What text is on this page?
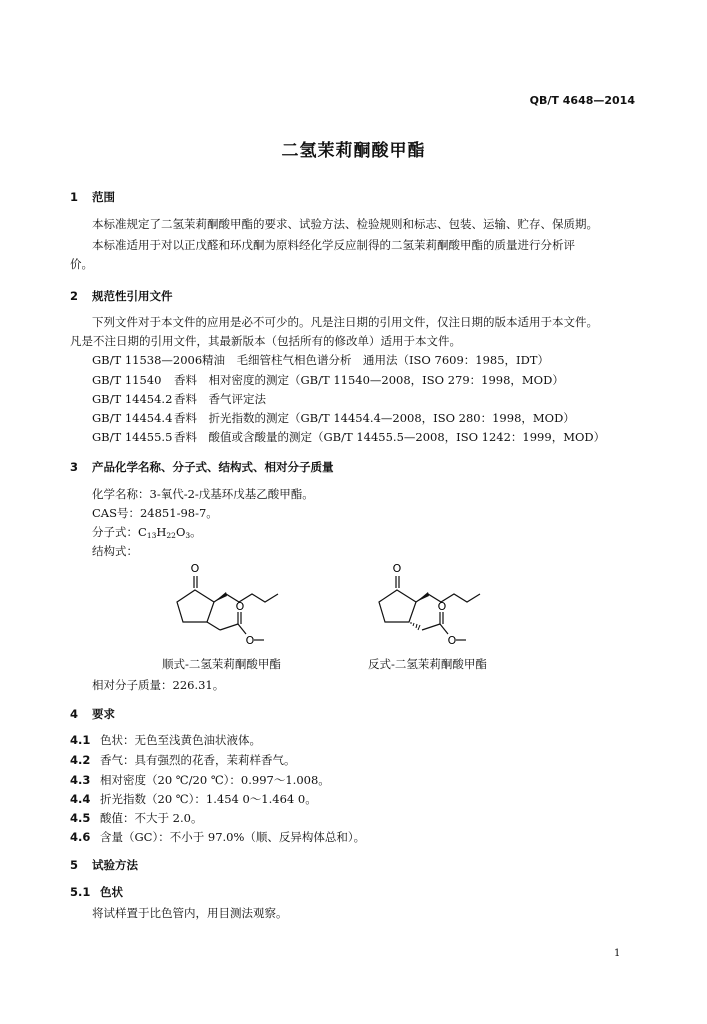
QB/T 4648—2014
二氢茉莉酮酸甲酯
1 范围
本标准规定了二氢茉莉酮酸甲酯的要求、试验方法、检验规则和标志、包装、运输、贮存、保质期。
本标准适用于对以正戊醛和环戊酮为原料经化学反应制得的二氢茉莉酮酸甲酯的质量进行分析评
价。
2 规范性引用文件
下列文件对于本文件的应用是必不可少的。凡是注日期的引用文件，仅注日期的版本适用于本文件。
凡是不注日期的引用文件，其最新版本（包括所有的修改单）适用于本文件。
GB/T 11538—2006精油　毛细管柱气相色谱分析　通用法（ISO 7609：1985，IDT）
GB/T 11540 香料　相对密度的测定（GB/T 11540—2008，ISO 279：1998，MOD）
GB/T 14454.2 香料　香气评定法
GB/T 14454.4 香料　折光指数的测定（GB/T 14454.4—2008，ISO 280：1998，MOD）
GB/T 14455.5 香料　酸值或含酸量的测定（GB/T 14455.5—2008，ISO 1242：1999，MOD）
3 产品化学名称、分子式、结构式、相对分子质量
化学名称：3-氧代-2-戊基环戊基乙酸甲酯。
CAS号：24851-98-7。
分子式：$C_{13}H_{22}O_3$。
结构式：
O
O
O
O
O
O
顺式-二氢茉莉酮酸甲酯	反式-二氢茉莉酮酸甲酯
相对分子质量：226.31。
4 要求
4.1 色状：无色至浅黄色油状液体。
4.2 香气：具有强烈的花香，茉莉样香气。
4.3 相对密度（20 ℃/20 ℃）：0.997～1.008。
4.4 折光指数（20 ℃）：1.454 0～1.464 0。
4.5 酸值：不大于 2.0。
4.6 含量（GC）：不小于 97.0%（顺、反异构体总和）。
5 试验方法
5.1 色状
将试样置于比色管内，用目测法观察。
1
